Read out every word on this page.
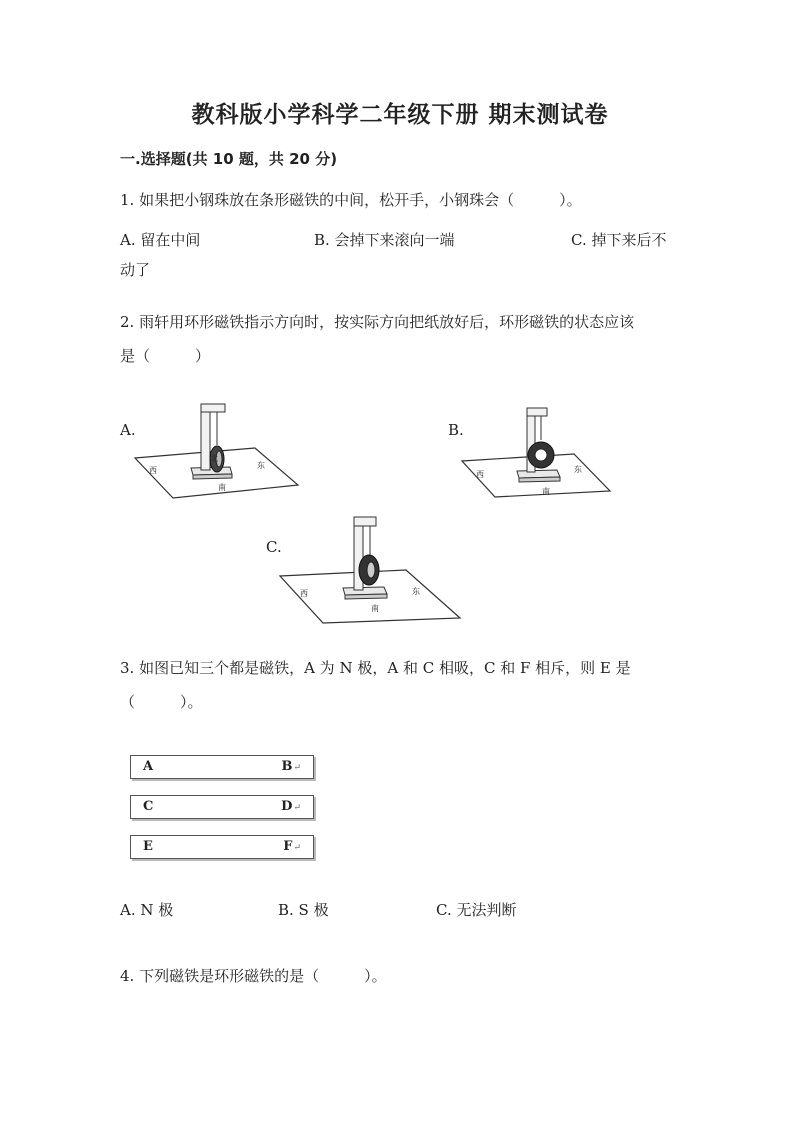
教科版小学科学二年级下册 期末测试卷
一.选择题(共 10 题，共 20 分)
1. 如果把小钢珠放在条形磁铁的中间，松开手，小钢珠会（　　　）。
A. 留在中间	B. 会掉下来滚向一端	C. 掉下来后不
动了
2. 雨轩用环形磁铁指示方向时，按实际方向把纸放好后，环形磁铁的状态应该
是（　　　）
A.	B.
C.
西
东
南
北
西
东
南
西	东
南
3. 如图已知三个都是磁铁，A 为 N 极，A 和 C 相吸，C 和 F 相斥，则 E 是
（　　　）。
A	B↵
C	D↵
E	F↵
A. N 极	B. S 极	C. 无法判断
4. 下列磁铁是环形磁铁的是（　　　）。
